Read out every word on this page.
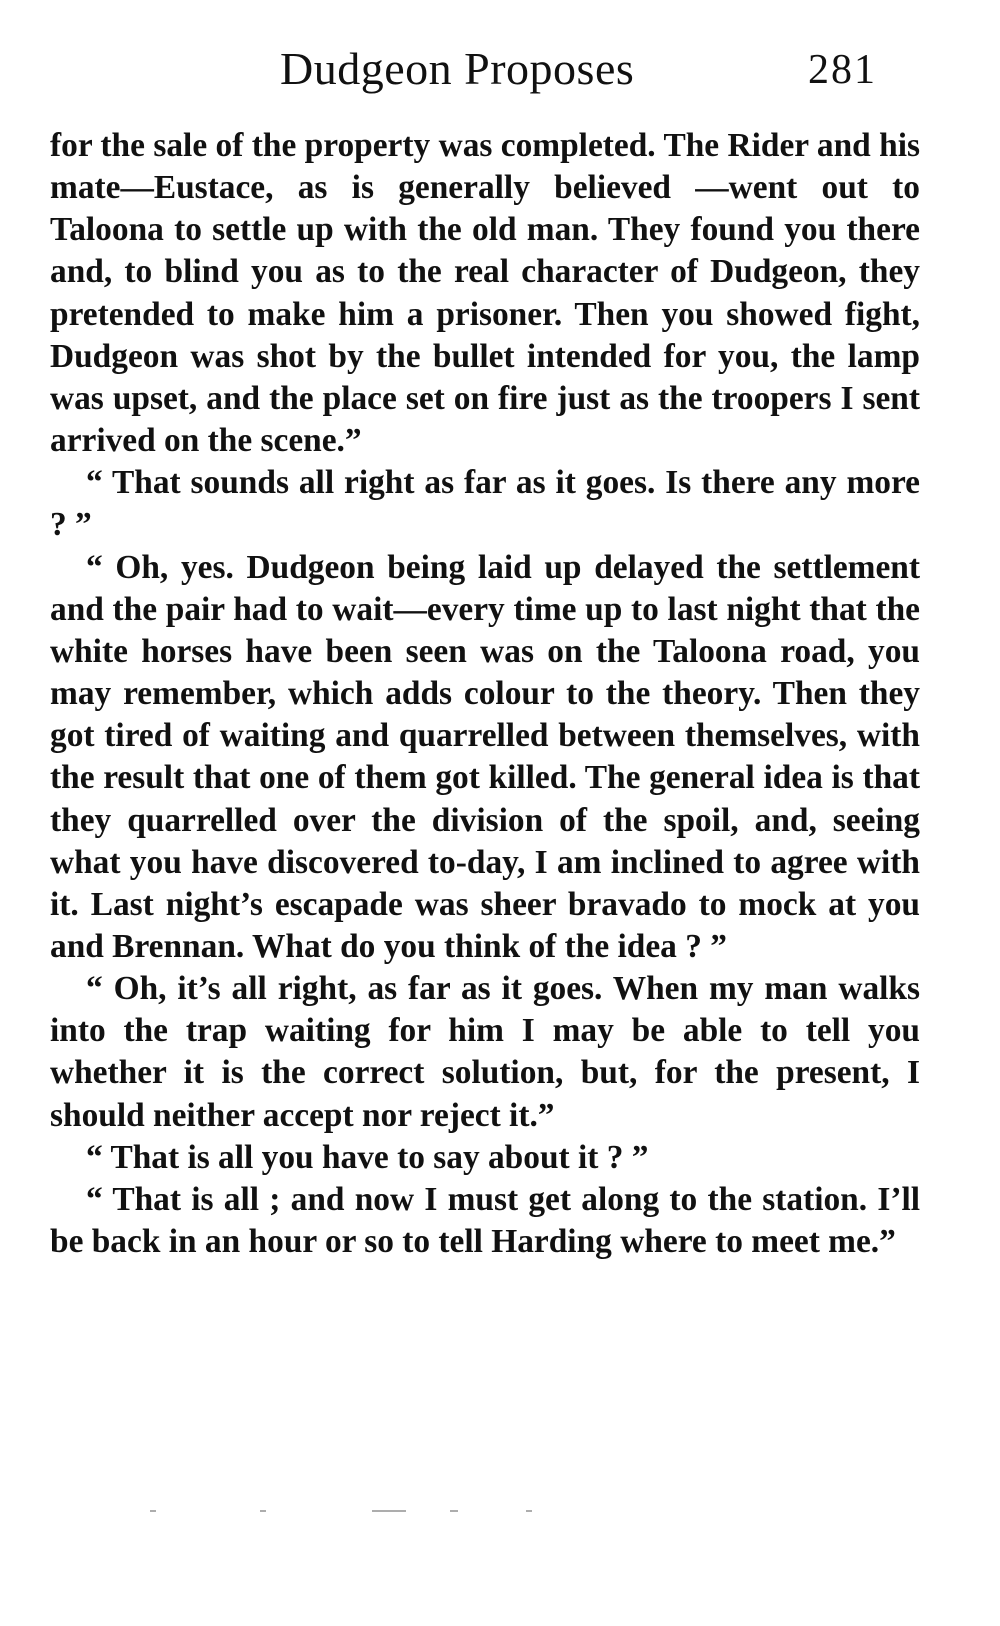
Dudgeon Proposes	281

for the sale of the property was completed. The Rider and his mate—Eustace, as is generally believed —went out to Taloona to settle up with the old man. They found you there and, to blind you as to the real character of Dudgeon, they pretended to make him a prisoner. Then you showed fight, Dudgeon was shot by the bullet intended for you, the lamp was upset, and the place set on fire just as the troopers I sent arrived on the scene.”

“ That sounds all right as far as it goes. Is there any more ? ”

“ Oh, yes. Dudgeon being laid up delayed the settlement and the pair had to wait—every time up to last night that the white horses have been seen was on the Taloona road, you may remember, which adds colour to the theory. Then they got tired of waiting and quarrelled between themselves, with the result that one of them got killed. The general idea is that they quarrelled over the division of the spoil, and, seeing what you have discovered to-day, I am inclined to agree with it. Last night’s escapade was sheer bravado to mock at you and Brennan. What do you think of the idea ? ”

“ Oh, it’s all right, as far as it goes. When my man walks into the trap waiting for him I may be able to tell you whether it is the correct solution, but, for the present, I should neither accept nor reject it.”

“ That is all you have to say about it ? ”

“ That is all ; and now I must get along to the station. I’ll be back in an hour or so to tell Harding where to meet me.”
